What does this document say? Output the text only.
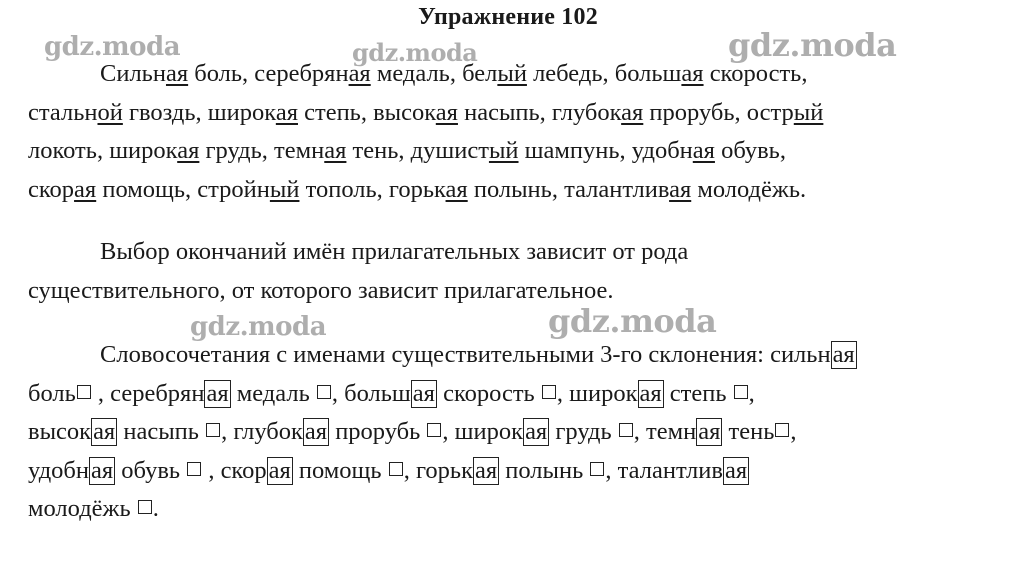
Упражнение 102
Сильная боль, серебряная медаль, белый лебедь, большая скорость,
стальной гвоздь, широкая степь, высокая насыпь, глубокая прорубь, острый
локоть, широкая грудь, темная тень, душистый шампунь, удобная обувь,
скорая помощь, стройный тополь, горькая полынь, талантливая молодёжь.
Выбор окончаний имён прилагательных зависит от рода
существительного, от которого зависит прилагательное.
Словосочетания с именами существительными 3-го склонения: сильная
боль , серебряная медаль , большая скорость , широкая степь ,
высокая насыпь , глубокая прорубь , широкая грудь , темная тень ,
удобная обувь  , скорая помощь , горькая полынь , талантливая
молодёжь .
gdz.moda	gdz.moda	gdz.moda
gdz.moda	gdz.moda
